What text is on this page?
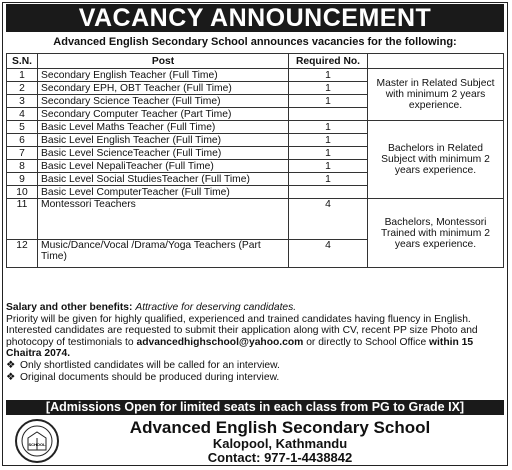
VACANCY ANNOUNCEMENT
Advanced English Secondary School announces vacancies for the following:
S.N.	Post	Required No.	
1	Secondary English Teacher (Full Time)	1	Master in Related Subject with minimum 2 years experience.
2	Secondary EPH, OBT Teacher (Full Time)	1	
3	Secondary Science Teacher (Full Time)	1	
4	Secondary Computer Teacher (Part Time)		
5	Basic Level Maths Teacher (Full Time)	1	Bachelors in Related Subject with minimum 2 years experience.
6	Basic Level English Teacher (Full Time)	1	
7	Basic Level ScienceTeacher (Full Time)	1	
8	Basic Level NepaliTeacher (Full Time)	1	
9	Basic Level Social StudiesTeacher (Full Time)	1	
10	Basic Level ComputerTeacher (Full Time)		
11	Montessori Teachers	4	Bachelors, Montessori Trained with minimum 2 years experience.
12	Music/Dance/Vocal /Drama/Yoga Teachers (Part Time)	4	

Salary and other benefits: Attractive for deserving candidates.

Priority will be given for highly qualified, experienced and trained candidates having fluency in English. Interested candidates are requested to submit their application along with CV, recent PP size Photo and photocopy of testimonials to advancedhighschool@yahoo.com or directly to School Office within 15 Chaitra 2074.

❖ Only shortlisted candidates will be called for an interview.
❖ Original documents should be produced during interview.
[Admissions Open for limited seats in each class from PG to Grade IX]
SCHOOL
Advanced English Secondary School
Kalopool, Kathmandu
Contact: 977-1-4438842
